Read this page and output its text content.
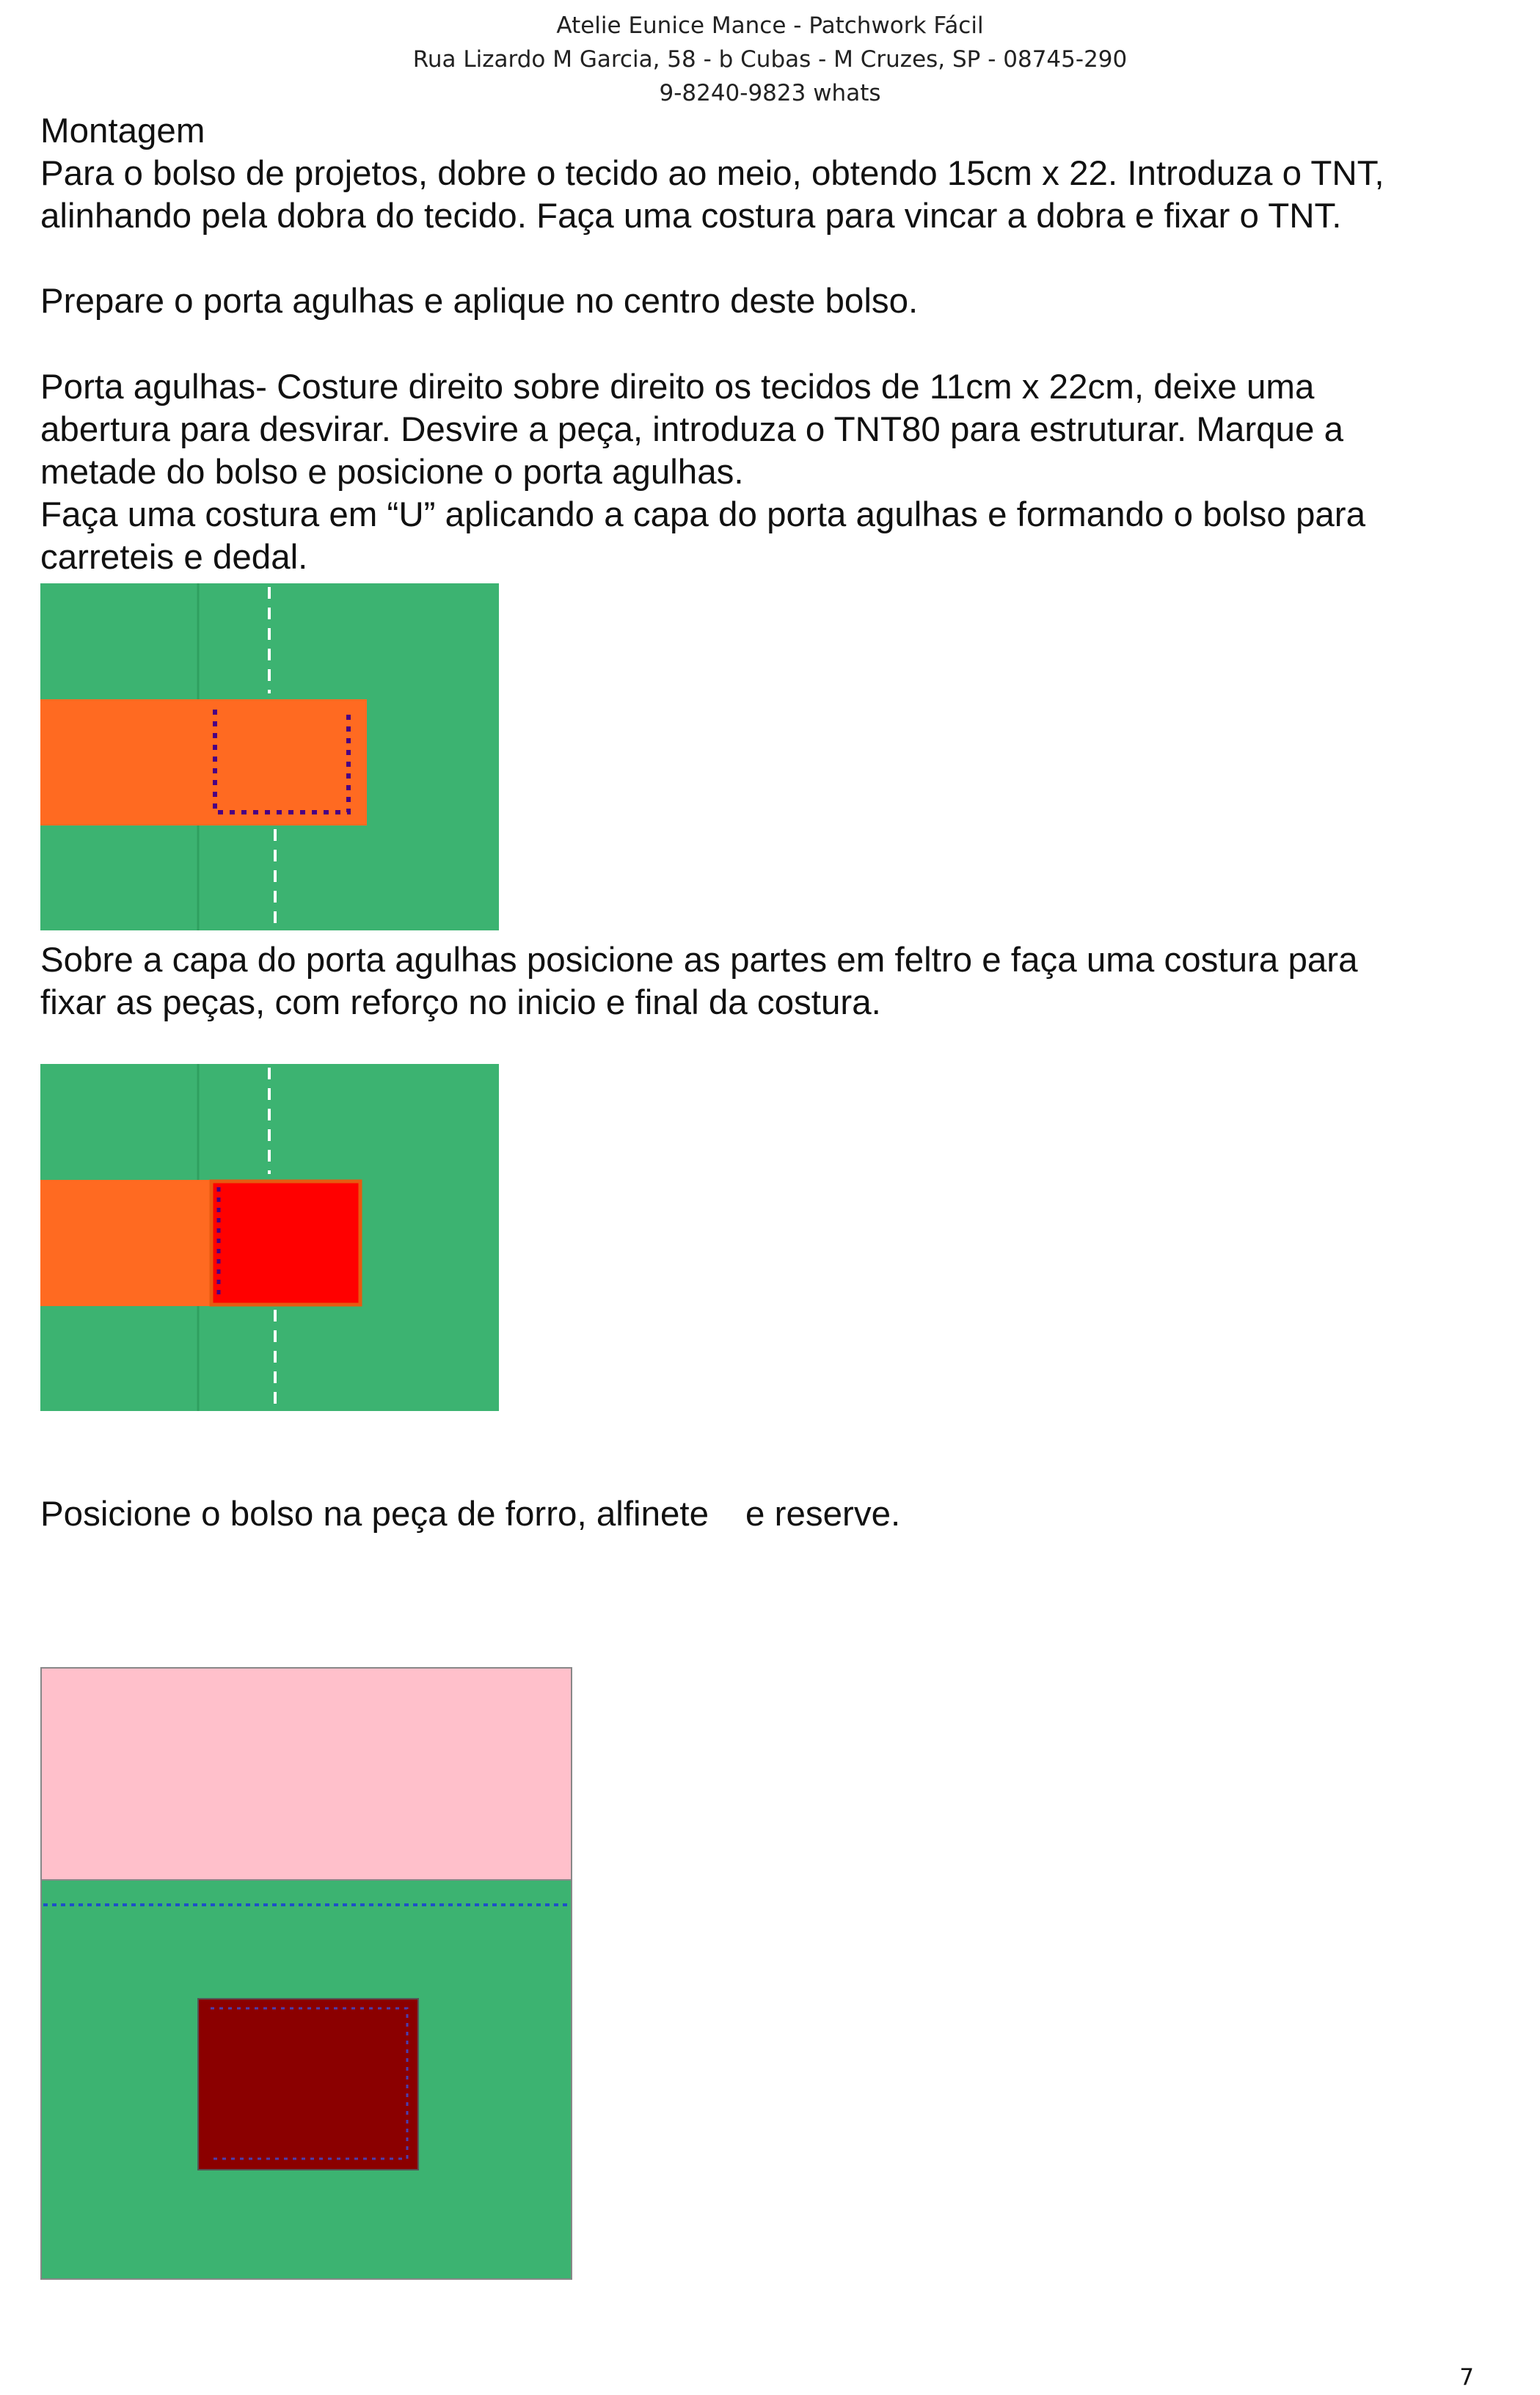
Atelie Eunice Mance - Patchwork Fácil
Rua Lizardo M Garcia, 58 - b Cubas - M Cruzes, SP - 08745-290
9-8240-9823 whats

Montagem

Para o bolso de projetos, dobre o tecido ao meio, obtendo 15cm x 22. Introduza o TNT,
alinhando pela dobra do tecido. Faça uma costura para vincar a dobra e fixar o TNT.

Prepare o porta agulhas e aplique no centro deste bolso.

Porta agulhas- Costure direito sobre direito os tecidos de 11cm x 22cm, deixe uma
abertura para desvirar. Desvire a peça, introduza o TNT80 para estruturar. Marque a
metade do bolso e posicione o porta agulhas.
Faça uma costura em “U” aplicando a capa do porta agulhas e formando o bolso para
carreteis e dedal.
Sobre a capa do porta agulhas posicione as partes em feltro e faça uma costura para
fixar as peças, com reforço no inicio e final da costura.
Posicione o bolso na peça de forro, alfinete e reserve.
7
